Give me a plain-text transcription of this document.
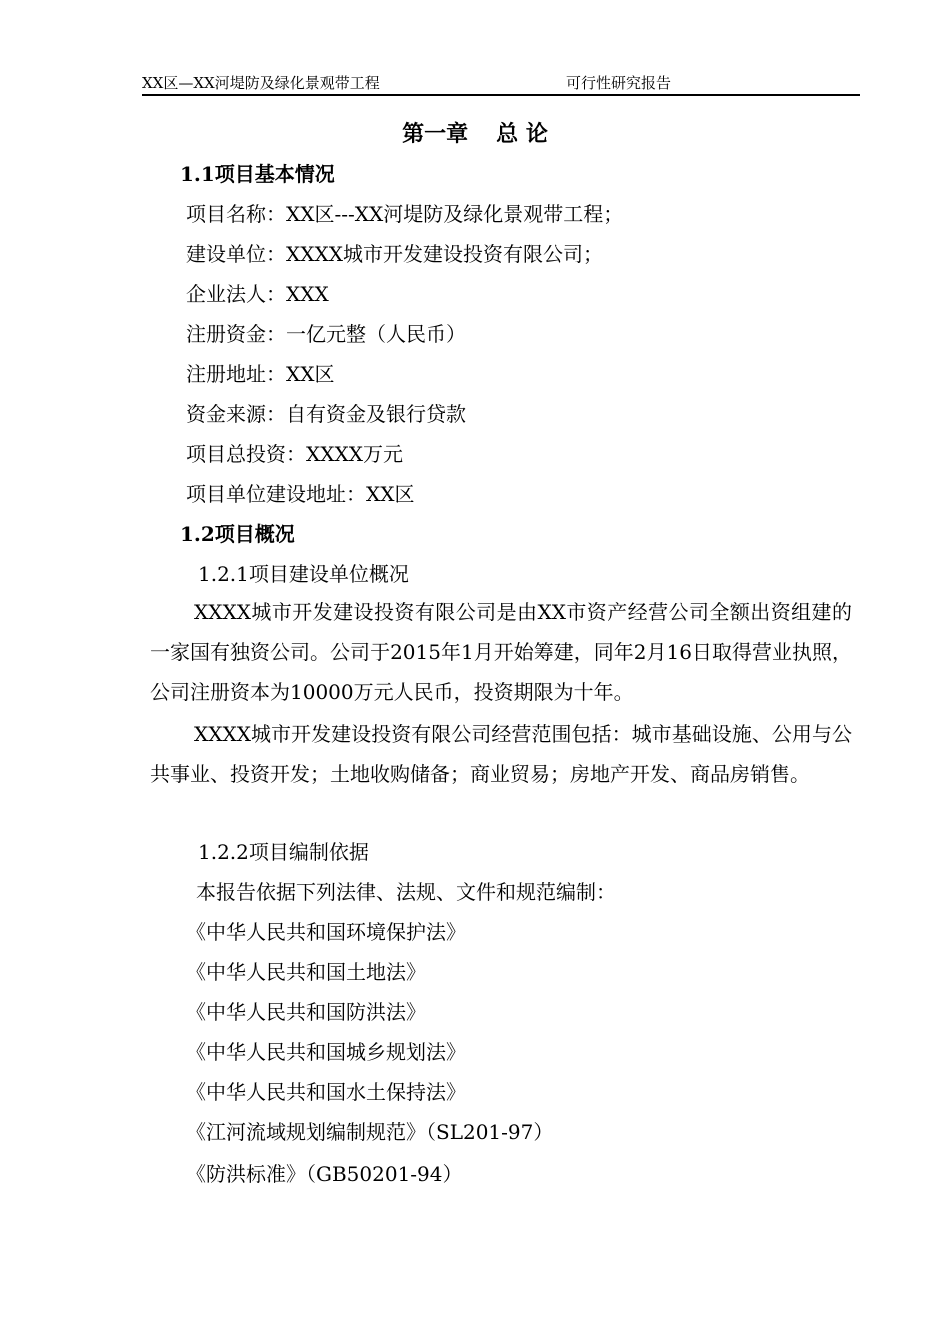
XX区—XX河堤防及绿化景观带工程	可行性研究报告
第一章 总 论
1.1项目基本情况
项目名称：XX区---XX河堤防及绿化景观带工程；
建设单位：XXXX城市开发建设投资有限公司；
企业法人：XXX
注册资金：一亿元整（人民币）
注册地址：XX区
资金来源：自有资金及银行贷款
项目总投资：XXXX万元
项目单位建设地址：XX区
1.2项目概况
1.2.1项目建设单位概况
XXXX城市开发建设投资有限公司是由XX市资产经营公司全额出资组建的一家国有独资公司。公司于2015年1月开始筹建，同年2月16日取得营业执照，公司注册资本为10000万元人民币，投资期限为十年。
XXXX城市开发建设投资有限公司经营范围包括：城市基础设施、公用与公共事业、投资开发；土地收购储备；商业贸易；房地产开发、商品房销售。
1.2.2项目编制依据
本报告依据下列法律、法规、文件和规范编制：
《中华人民共和国环境保护法》
《中华人民共和国土地法》
《中华人民共和国防洪法》
《中华人民共和国城乡规划法》
《中华人民共和国水土保持法》
《江河流域规划编制规范》（SL201-97）
《防洪标准》（GB50201-94）
